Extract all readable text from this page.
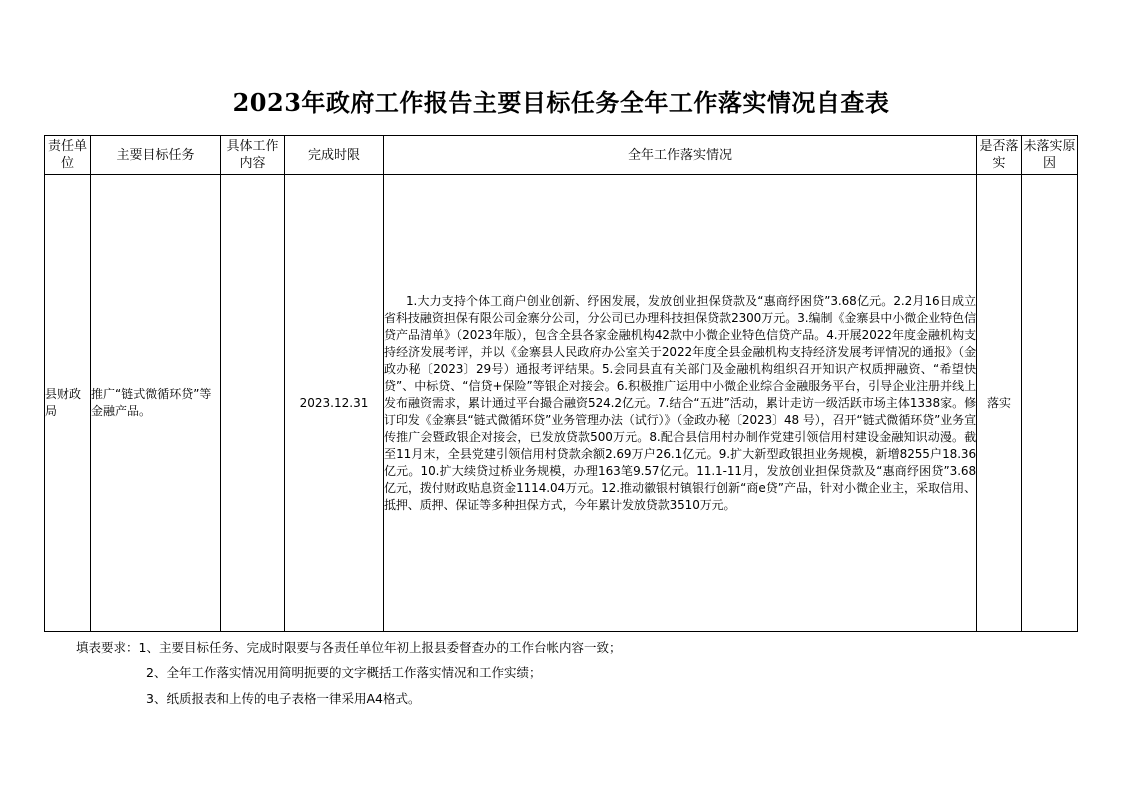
2023年政府工作报告主要目标任务全年工作落实情况自查表
责任单位	主要目标任务	具体工作内容	完成时限	全年工作落实情况	是否落实	未落实原因
县财政局	推广“链式微循环贷”等金融产品。		2023.12.31	1.大力支持个体工商户创业创新、纾困发展，发放创业担保贷款及“惠商纾困贷”3.68亿元。2.2月16日成立省科技融资担保有限公司金寨分公司，分公司已办理科技担保贷款2300万元。3.编制《金寨县中小微企业特色信贷产品清单》（2023年版），包含全县各家金融机构42款中小微企业特色信贷产品。4.开展2022年度金融机构支持经济发展考评，并以《金寨县人民政府办公室关于2022年度全县金融机构支持经济发展考评情况的通报》（金政办秘〔2023〕29号）通报考评结果。5.会同县直有关部门及金融机构组织召开知识产权质押融资、“希望快贷”、中标贷、“信贷+保险”等银企对接会。6.积极推广运用中小微企业综合金融服务平台，引导企业注册并线上发布融资需求，累计通过平台撮合融资524.2亿元。7.结合“五进”活动，累计走访一级活跃市场主体1338家。修订印发《金寨县“链式微循环贷”业务管理办法（试行）》（金政办秘〔2023〕48 号），召开“链式微循环贷”业务宣传推广会暨政银企对接会，已发放贷款500万元。8.配合县信用村办制作党建引领信用村建设金融知识动漫。截至11月末，全县党建引领信用村贷款余额2.69万户26.1亿元。9.扩大新型政银担业务规模，新增8255户18.36亿元。10.扩大续贷过桥业务规模，办理163笔9.57亿元。11.1-11月，发放创业担保贷款及“惠商纾困贷”3.68亿元，拨付财政贴息资金1114.04万元。12.推动徽银村镇银行创新“商e贷”产品，针对小微企业主，采取信用、抵押、质押、保证等多种担保方式，今年累计发放贷款3510万元。	落实	
填表要求：1、主要目标任务、完成时限要与各责任单位年初上报县委督查办的工作台帐内容一致；
2、全年工作落实情况用简明扼要的文字概括工作落实情况和工作实绩；
3、纸质报表和上传的电子表格一律采用A4格式。
